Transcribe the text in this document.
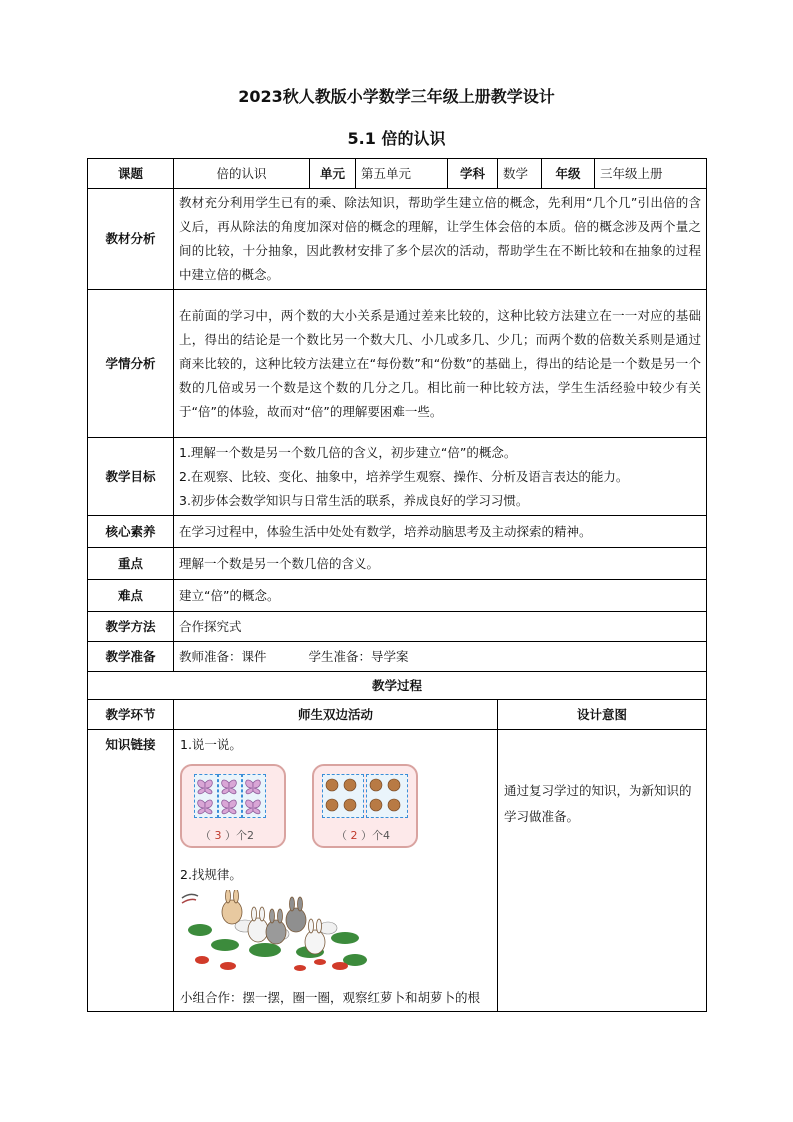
2023秋人教版小学数学三年级上册教学设计
5.1 倍的认识
课题	倍的认识	单元	第五单元	学科	数学	年级	三年级上册
教材分析	教材充分利用学生已有的乘、除法知识，帮助学生建立倍的概念，先利用“几个几”引出倍的含义后，再从除法的角度加深对倍的概念的理解，让学生体会倍的本质。倍的概念涉及两个量之间的比较，十分抽象，因此教材安排了多个层次的活动，帮助学生在不断比较和在抽象的过程中建立倍的概念。						
学情分析	在前面的学习中，两个数的大小关系是通过差来比较的，这种比较方法建立在一一对应的基础上，得出的结论是一个数比另一个数大几、小几或多几、少几；而两个数的倍数关系则是通过商来比较的，这种比较方法建立在“每份数”和“份数”的基础上，得出的结论是一个数是另一个数的几倍或另一个数是这个数的几分之几。相比前一种比较方法，学生生活经验中较少有关于“倍”的体验，故而对“倍”的理解要困难一些。						
教学目标	1.理解一个数是另一个数几倍的含义，初步建立“倍”的概念。
2.在观察、比较、变化、抽象中，培养学生观察、操作、分析及语言表达的能力。
3.初步体会数学知识与日常生活的联系，养成良好的学习习惯。						

核心素养	在学习过程中，体验生活中处处有数学，培养动脑思考及主动探索的精神。						
重点	理解一个数是另一个数几倍的含义。						
难点	建立“倍”的概念。						
教学方法	合作探究式						
教学准备	教师准备：课件 学生准备：导学案						
教学过程							
教学环节	师生双边活动				设计意图		
知识链接	1.说一说。
（ 3 ）个2 （ 2 ）个4
2.找规律。
小组合作：摆一摆，圈一圈，观察红萝卜和胡萝卜的根				通过复习学过的知识，为新知识的学习做准备。		
